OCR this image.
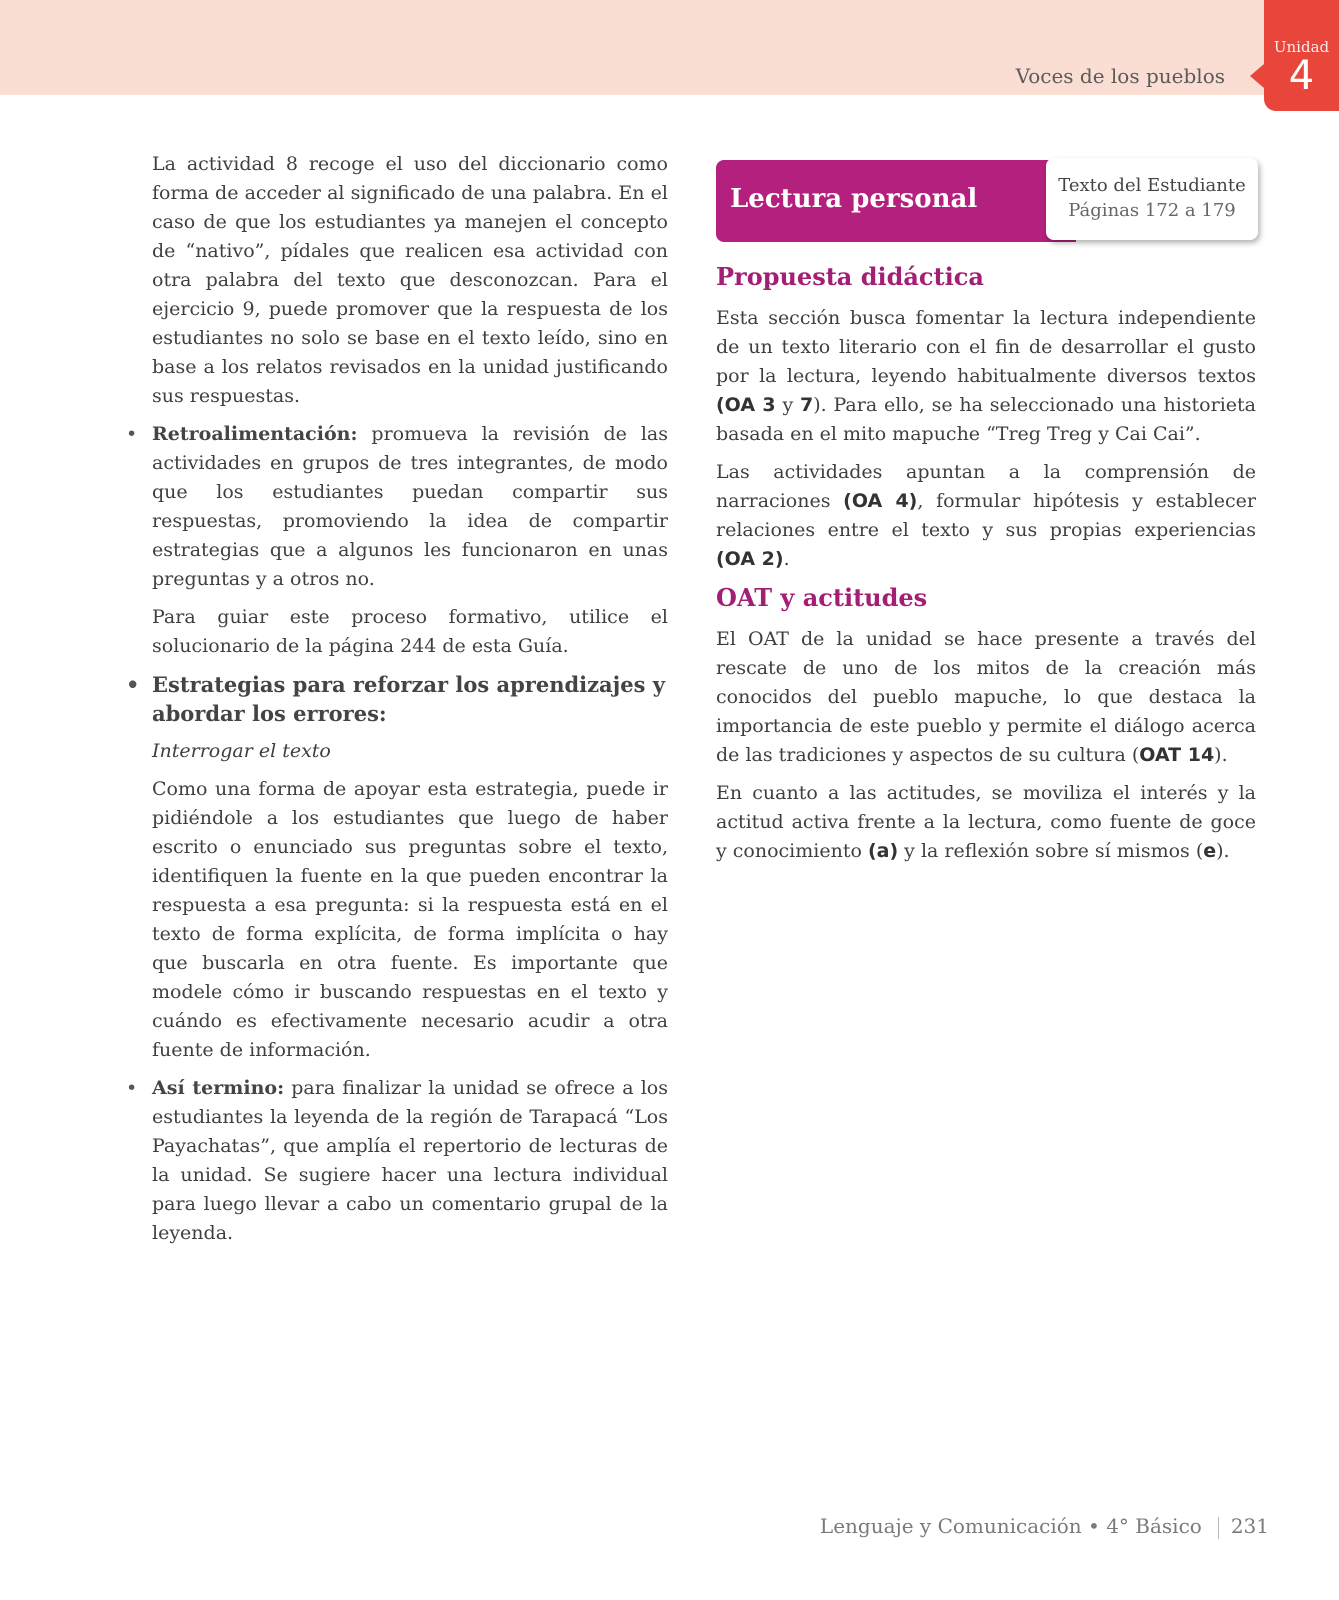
Voces de los pueblos
Unidad
4

La actividad 8 recoge el uso del diccionario como forma de acceder al significado de una palabra. En el caso de que los estudiantes ya manejen el concepto de “nativo”, pídales que realicen esa actividad con otra palabra del texto que desconozcan. Para el ejercicio 9, puede promover que la respuesta de los estudiantes no solo se base en el texto leído, sino en base a los relatos revisados en la unidad justificando sus respuestas.

• Retroalimentación: promueva la revisión de las actividades en grupos de tres integrantes, de modo que los estudiantes puedan compartir sus respuestas, promoviendo la idea de compartir estrategias que a algunos les funcionaron en unas preguntas y a otros no.

Para guiar este proceso formativo, utilice el solucionario de la página 244 de esta Guía.

• Estrategias para reforzar los aprendizajes y abordar los errores:

Interrogar el texto

Como una forma de apoyar esta estrategia, puede ir pidiéndole a los estudiantes que luego de haber escrito o enunciado sus preguntas sobre el texto, identifiquen la fuente en la que pueden encontrar la respuesta a esa pregunta: si la respuesta está en el texto de forma explícita, de forma implícita o hay que buscarla en otra fuente. Es importante que modele cómo ir buscando respuestas en el texto y cuándo es efectivamente necesario acudir a otra fuente de información.

• Así termino: para finalizar la unidad se ofrece a los estudiantes la leyenda de la región de Tarapacá “Los Payachatas”, que amplía el repertorio de lecturas de la unidad. Se sugiere hacer una lectura individual para luego llevar a cabo un comentario grupal de la leyenda.
Lectura personal	Texto del Estudiante
Páginas 172 a 179
Propuesta didáctica

Esta sección busca fomentar la lectura independiente de un texto literario con el fin de desarrollar el gusto por la lectura, leyendo habitualmente diversos textos (OA 3 y 7). Para ello, se ha seleccionado una historieta basada en el mito mapuche “Treg Treg y Cai Cai”.

Las actividades apuntan a la comprensión de narraciones (OA 4), formular hipótesis y establecer relaciones entre el texto y sus propias experiencias (OA 2).

OAT y actitudes

El OAT de la unidad se hace presente a través del rescate de uno de los mitos de la creación más conocidos del pueblo mapuche, lo que destaca la importancia de este pueblo y permite el diálogo acerca de las tradiciones y aspectos de su cultura (OAT 14).

En cuanto a las actitudes, se moviliza el interés y la actitud activa frente a la lectura, como fuente de goce y conocimiento (a) y la reflexión sobre sí mismos (e).

Lenguaje y Comunicación • 4° Básico 231
